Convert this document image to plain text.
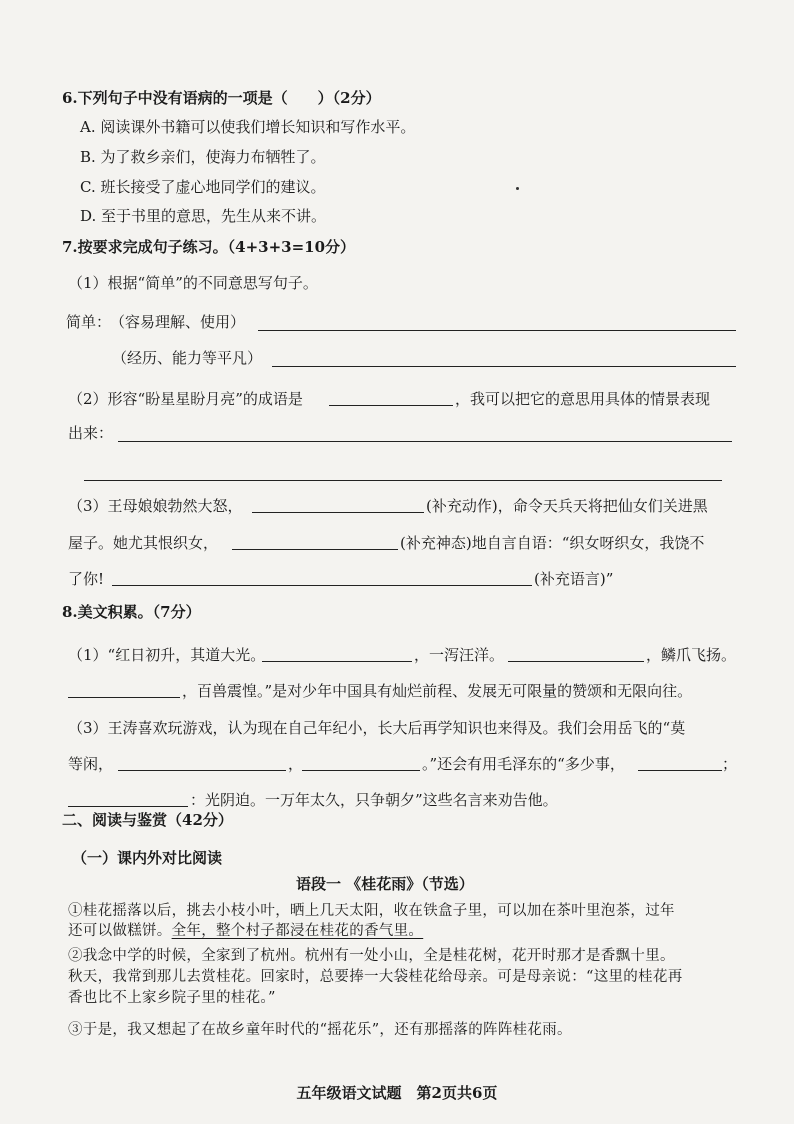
6.下列句子中没有语病的一项是（　　）（2分）
A. 阅读课外书籍可以使我们增长知识和写作水平。
B. 为了救乡亲们，使海力布牺牲了。
C. 班长接受了虚心地同学们的建议。
D. 至于书里的意思，先生从来不讲。
7.按要求完成句子练习。（4+3+3=10分）
（1）根据“简单”的不同意思写句子。
简单：
（容易理解、使用）
（经历、能力等平凡）
（2）形容“盼星星盼月亮”的成语是	，我可以把它的意思用具体的情景表现
出来：
（3）王母娘娘勃然大怒，	(补充动作)，命令天兵天将把仙女们关进黑
屋子。她尤其恨织女，	(补充神态)地自言自语：“织女呀织女，我饶不
了你!	(补充语言)”
8.美文积累。（7分）
（1）“红日初升，其道大光。	，一泻汪洋。	，鳞爪飞扬。
，百兽震惶。”是对少年中国具有灿烂前程、发展无可限量的赞颂和无限向往。
（3）王涛喜欢玩游戏，认为现在自己年纪小，长大后再学知识也来得及。我们会用岳飞的“莫
等闲，	，	。”还会有用毛泽东的“多少事，	；
：光阴迫。一万年太久，只争朝夕”这些名言来劝告他。
二、阅读与鉴赏（42分）
（一）课内外对比阅读
语段一 《桂花雨》（节选）
①桂花摇落以后，挑去小枝小叶，晒上几天太阳，收在铁盒子里，可以加在茶叶里泡茶，过年
还可以做糕饼。全年，整个村子都浸在桂花的香气里。
②我念中学的时候，全家到了杭州。杭州有一处小山，全是桂花树，花开时那才是香飘十里。
秋天，我常到那儿去赏桂花。回家时，总要捧一大袋桂花给母亲。可是母亲说：“这里的桂花再
香也比不上家乡院子里的桂花。”
③于是，我又想起了在故乡童年时代的“摇花乐”，还有那摇落的阵阵桂花雨。
五年级语文试题　第2页共6页
